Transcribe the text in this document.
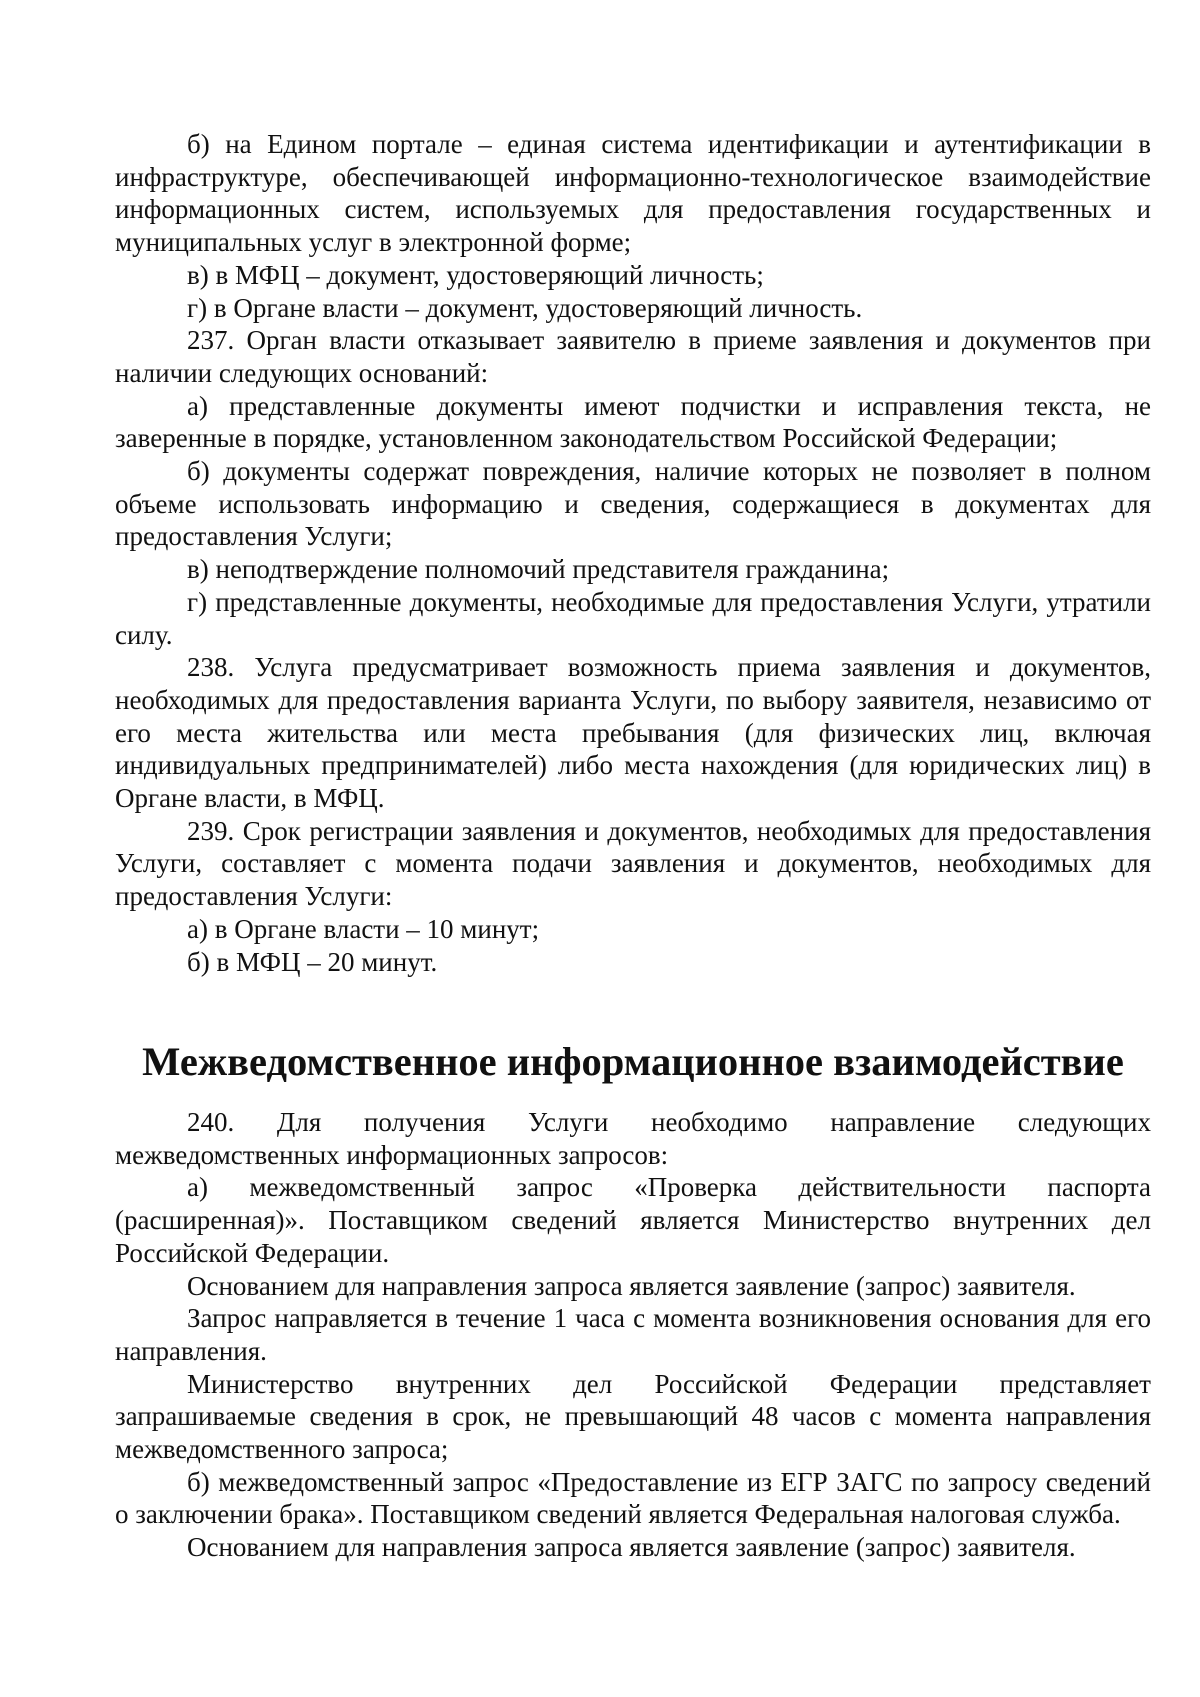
б) на Едином портале – единая система идентификации и аутентификации в инфраструктуре, обеспечивающей информационно-технологическое взаимодействие информационных систем, используемых для предоставления государственных и муниципальных услуг в электронной форме;

в) в МФЦ – документ, удостоверяющий личность;

г) в Органе власти – документ, удостоверяющий личность.

237. Орган власти отказывает заявителю в приеме заявления и документов при наличии следующих оснований:

а) представленные документы имеют подчистки и исправления текста, не заверенные в порядке, установленном законодательством Российской Федерации;

б) документы содержат повреждения, наличие которых не позволяет в полном объеме использовать информацию и сведения, содержащиеся в документах для предоставления Услуги;

в) неподтверждение полномочий представителя гражданина;

г) представленные документы, необходимые для предоставления Услуги, утратили силу.

238. Услуга предусматривает возможность приема заявления и документов, необходимых для предоставления варианта Услуги, по выбору заявителя, независимо от его места жительства или места пребывания (для физических лиц, включая индивидуальных предпринимателей) либо места нахождения (для юридических лиц) в Органе власти, в МФЦ.

239. Срок регистрации заявления и документов, необходимых для предоставления Услуги, составляет с момента подачи заявления и документов, необходимых для предоставления Услуги:

а) в Органе власти – 10 минут;

б) в МФЦ – 20 минут.

Межведомственное информационное взаимодействие

240. Для получения Услуги необходимо направление следующих межведомственных информационных запросов:

а) межведомственный запрос «Проверка действительности паспорта (расширенная)». Поставщиком сведений является Министерство внутренних дел Российской Федерации.

Основанием для направления запроса является заявление (запрос) заявителя.

Запрос направляется в течение 1 часа с момента возникновения основания для его направления.

Министерство внутренних дел Российской Федерации представляет запрашиваемые сведения в срок, не превышающий 48 часов с момента направления межведомственного запроса;

б) межведомственный запрос «Предоставление из ЕГР ЗАГС по запросу сведений о заключении брака». Поставщиком сведений является Федеральная налоговая служба.

Основанием для направления запроса является заявление (запрос) заявителя.
